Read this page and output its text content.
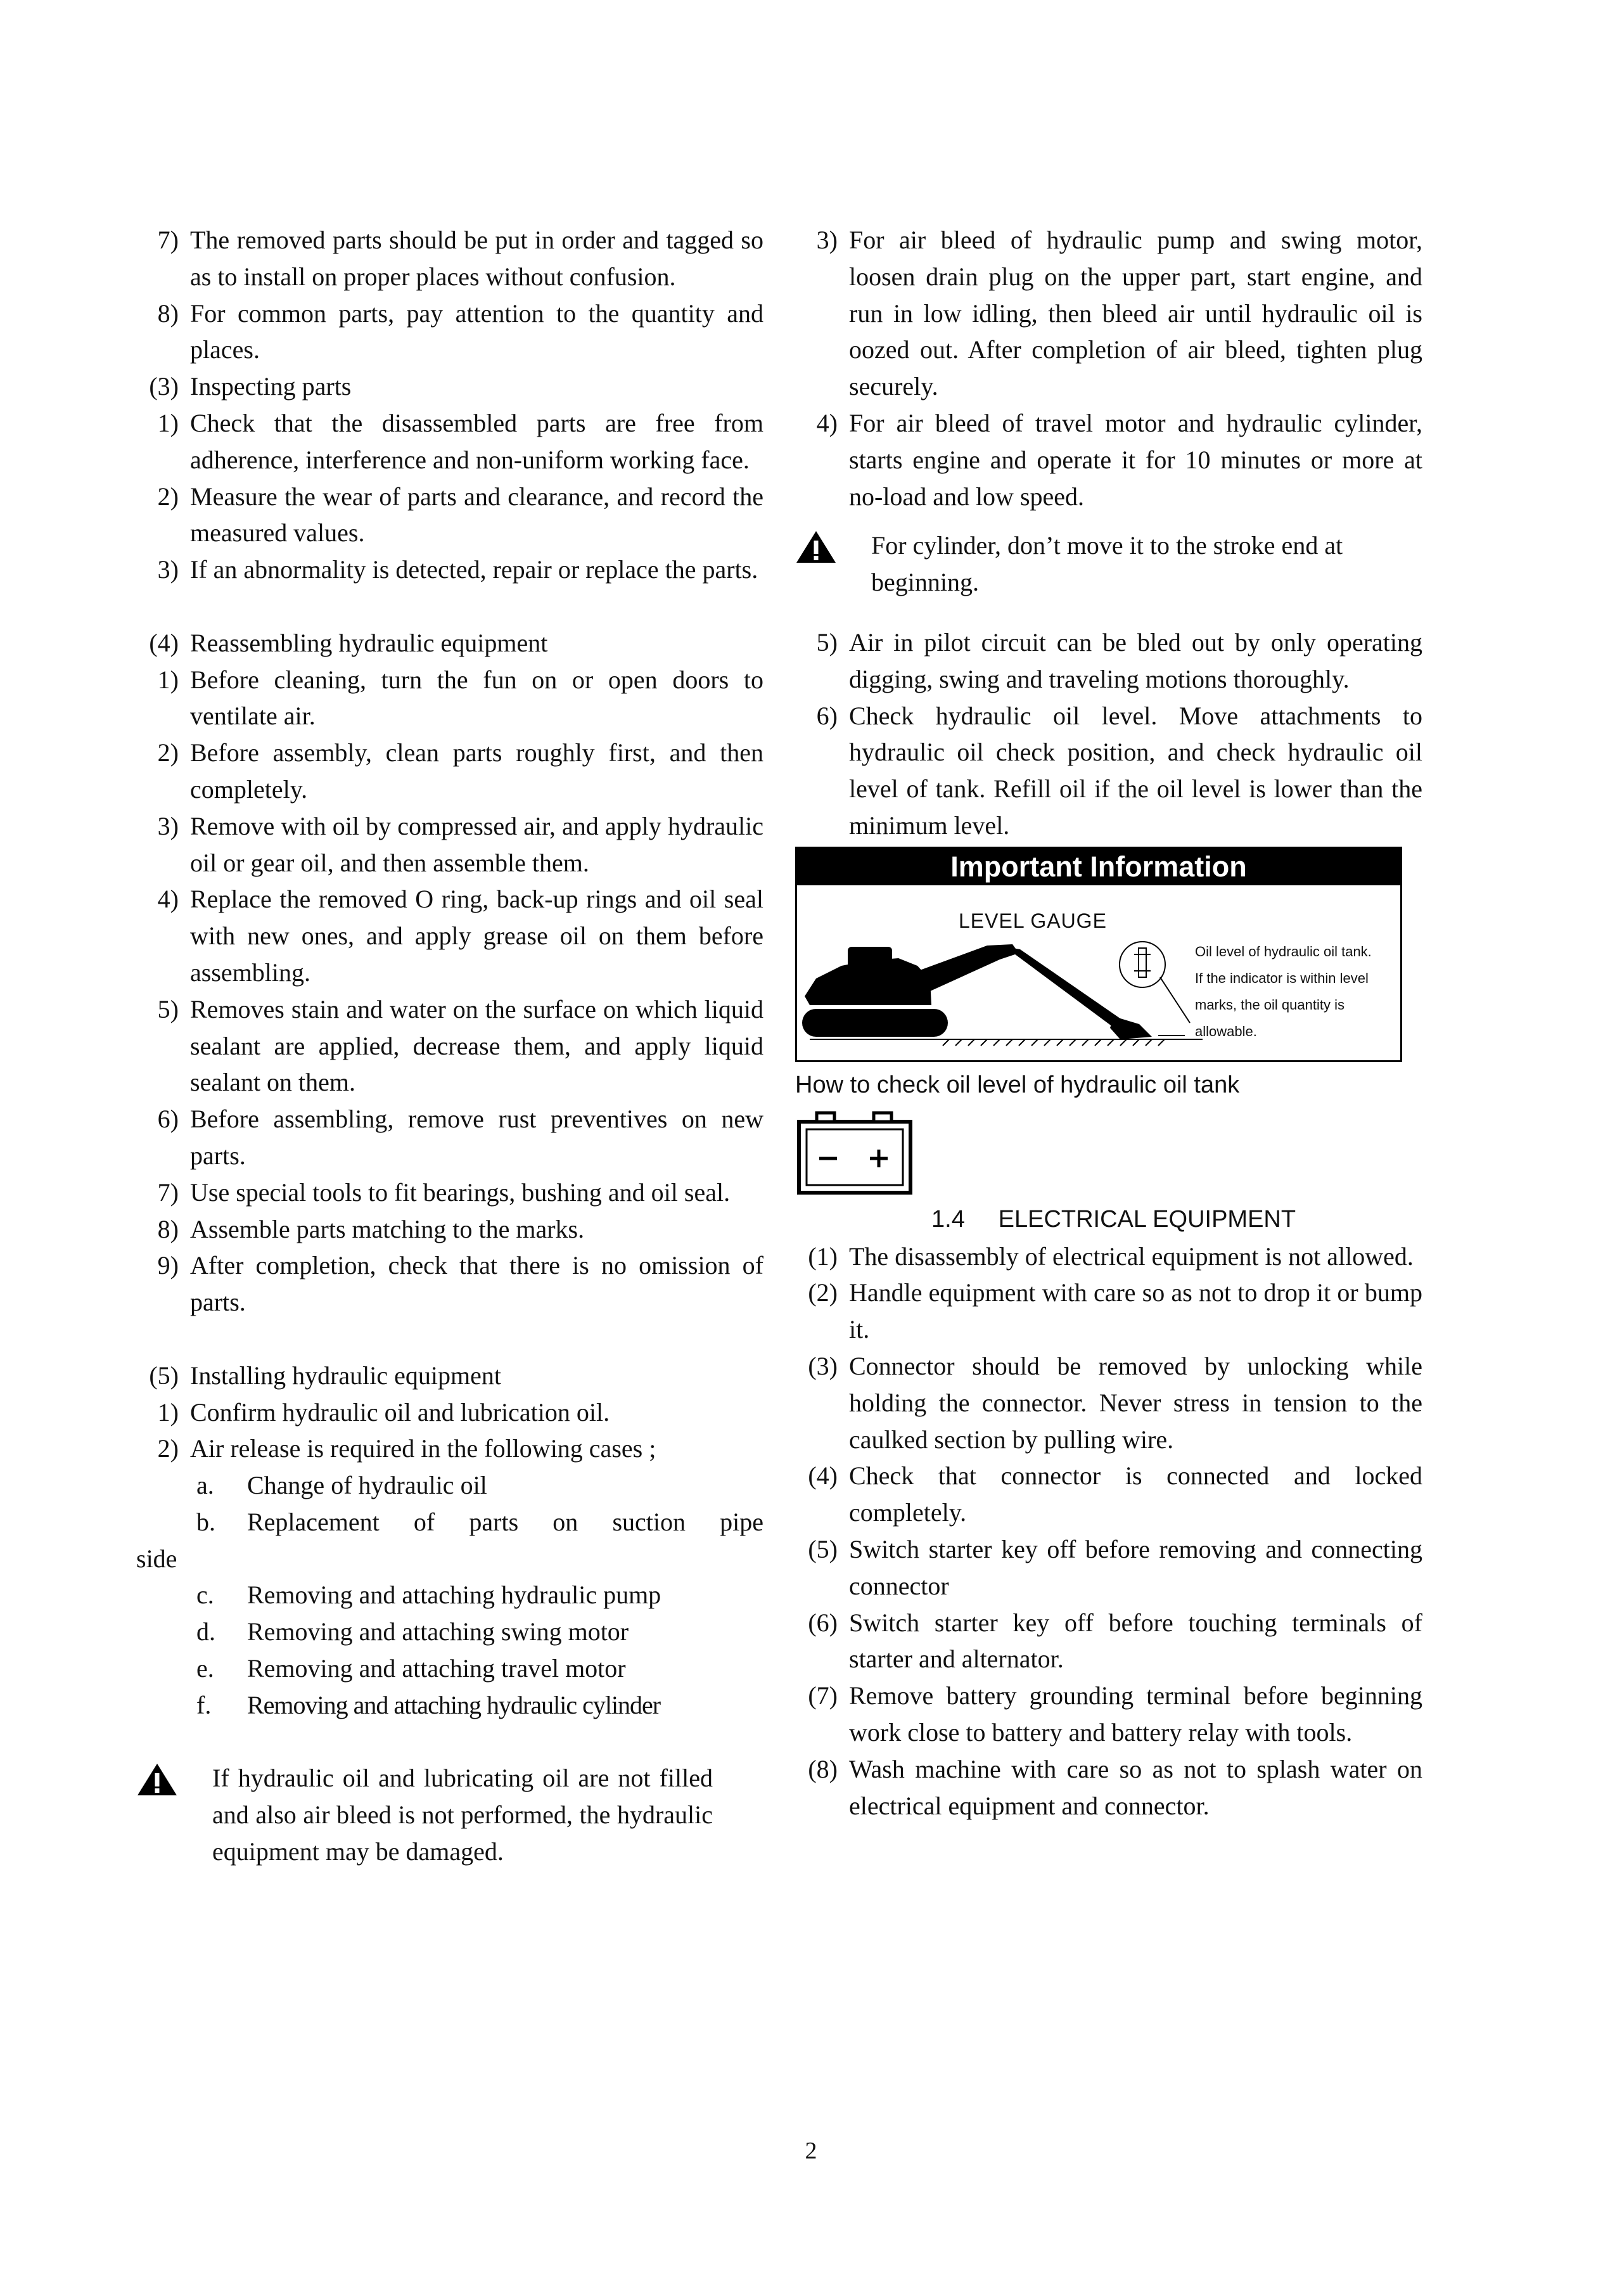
7) The removed parts should be put in order and tagged so as to install on proper places without confusion.
8) For common parts, pay attention to the quantity and places.
(3) Inspecting parts
1) Check that the disassembled parts are free from adherence, interference and non-uniform working face.
2) Measure the wear of parts and clearance, and record the measured values.
3) If an abnormality is detected, repair or replace the parts.
(4) Reassembling hydraulic equipment
1) Before cleaning, turn the fun on or open doors to ventilate air.
2) Before assembly, clean parts roughly first, and then completely.
3) Remove with oil by compressed air, and apply hydraulic oil or gear oil, and then assemble them.
4) Replace the removed O ring, back-up rings and oil seal with new ones, and apply grease oil on them before assembling.
5) Removes stain and water on the surface on which liquid sealant are applied, decrease them, and apply liquid sealant on them.
6) Before assembling, remove rust preventives on new parts.
7) Use special tools to fit bearings, bushing and oil seal.
8) Assemble parts matching to the marks.
9) After completion, check that there is no omission of parts.
(5) Installing hydraulic equipment
1) Confirm hydraulic oil and lubrication oil.
2) Air release is required in the following cases ;
a.	Change of hydraulic oil
b.	Replacement of parts on suction pipe
side
c.	Removing and attaching hydraulic pump
d.	Removing and attaching swing motor
e.	Removing and attaching travel motor
f.	Removing and attaching hydraulic cylinder
If hydraulic oil and lubricating oil are not filled and also air bleed is not performed, the hydraulic equipment may be damaged.
3) For air bleed of hydraulic pump and swing motor, loosen drain plug on the upper part, start engine, and run in low idling, then bleed air until hydraulic oil is oozed out. After completion of air bleed, tighten plug securely.
4) For air bleed of travel motor and hydraulic cylinder, starts engine and operate it for 10 minutes or more at no-load and low speed.
For cylinder, don’t move it to the stroke end at beginning.
5) Air in pilot circuit can be bled out by only operating digging, swing and traveling motions thoroughly.
6) Check hydraulic oil level. Move attachments to hydraulic oil check position, and check hydraulic oil level of tank. Refill oil if the oil level is lower than the minimum level.
Important Information
LEVEL GAUGE
Oil level of hydraulic oil tank.
If the indicator is within level
marks, the oil quantity is
allowable.
How to check oil level of hydraulic oil tank
1.4     ELECTRICAL EQUIPMENT
(1) The disassembly of electrical equipment is not allowed.
(2) Handle equipment with care so as not to drop it or bump it.
(3) Connector should be removed by unlocking while holding the connector. Never stress in tension to the caulked section by pulling wire.
(4) Check that connector is connected and locked completely.
(5) Switch starter key off before removing and connecting connector
(6) Switch starter key off before touching terminals of starter and alternator.
(7) Remove battery grounding terminal before beginning work close to battery and battery relay with tools.
(8) Wash machine with care so as not to splash water on electrical equipment and connector.
2
